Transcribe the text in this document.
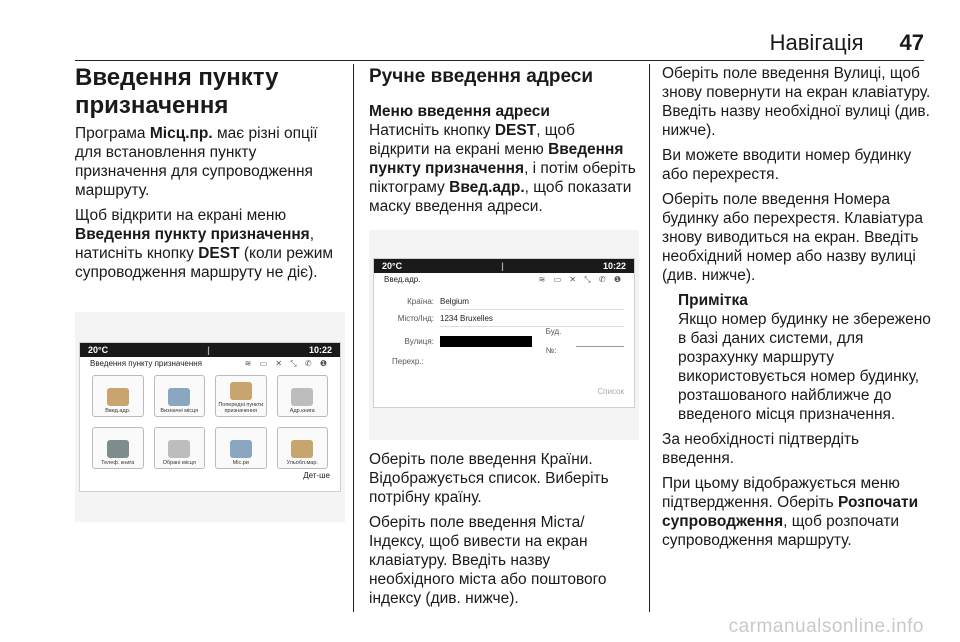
Навігація 47
Введення пункту призначення

Програма Місц.пр. має різні опції для встановлення пункту призначення для супроводження маршруту.

Щоб відкрити на екрані меню Введення пункту призначення, натисніть кнопку DEST (коли режим супроводження маршруту не діє).

20°C	|	10:22
Введення пункту призначення	≋ ▭ ✕ ⤡ ✆ ❶
Введ.адр.	Визначні місця
Попередні пункти призначення	Адр.книга
Телеф. книга	Обрані місця	Міс.ри	Ульобл.мар.
Дет-ше
Ручне введення адреси
Меню введення адреси

Натисніть кнопку DEST, щоб відкрити на екрані меню Введення пункту призначення, і потім оберіть піктограму Введ.адр., щоб показати маску введення адреси.

20°C	|	10:22
Введ.адр.	≋ ▭ ✕ ⤡ ✆ ❶
Країна: Belgium
Місто/Інд: 1234 Bruxelles
Вулиця:
Буд.№:
Перехр.:
Список

Оберіть поле введення Країни. Відображується список. Виберіть потрібну країну.

Оберіть поле введення Міста/Індексу, щоб вивести на екран клавіатуру. Введіть назву необхідного міста або поштового індексу (див. нижче).

Оберіть поле введення Вулиці, щоб знову повернути на екран клавіатуру. Введіть назву необхідної вулиці (див. нижче).

Ви можете вводити номер будинку або перехрестя.

Оберіть поле введення Номера будинку або перехрестя. Клавіатура знову виводиться на екран. Введіть необхідний номер або назву вулиці (див. нижче).

Примітка

Якщо номер будинку не збережено в базі даних системи, для розрахунку маршруту використовується номер будинку, розташованого найближче до введеного місця призначення.

За необхідності підтвердіть введення.

При цьому відображується меню підтвердження. Оберіть Розпочати супроводження, щоб розпочати супроводження маршруту.

carmanualsonline.info
